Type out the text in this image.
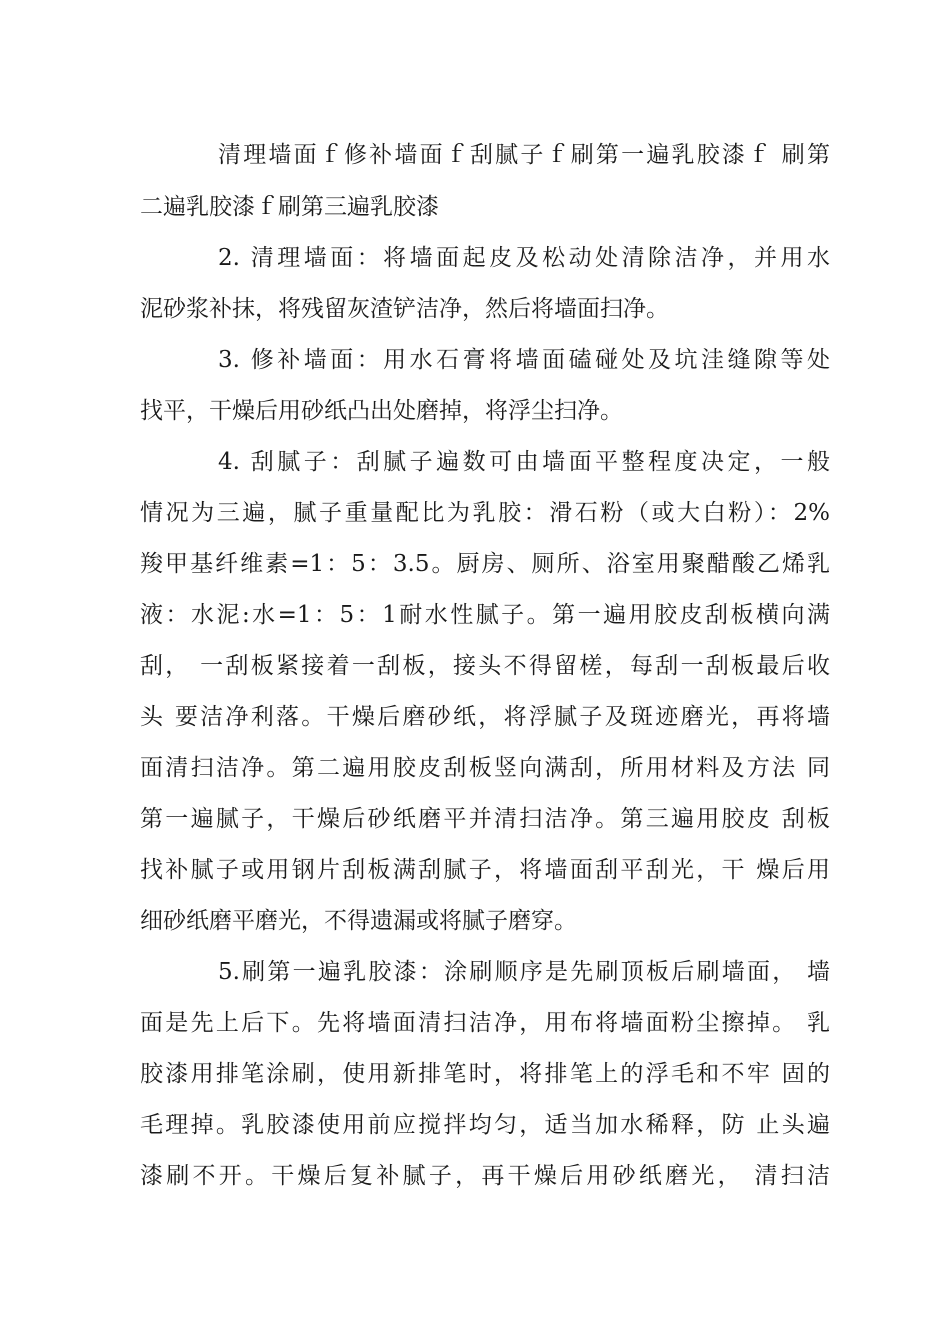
清理墙面ｆ修补墙面ｆ刮腻子ｆ刷第一遍乳胶漆ｆ 刷第

二遍乳胶漆ｆ刷第三遍乳胶漆

2. 清理墙面：将墙面起皮及松动处清除洁净，并用水

泥砂浆补抹，将残留灰渣铲洁净，然后将墙面扫净。

3. 修补墙面：用水石膏将墙面磕碰处及坑洼缝隙等处

找平，干燥后用砂纸凸出处磨掉，将浮尘扫净。

4. 刮腻子：刮腻子遍数可由墙面平整程度决定，一般

情况为三遍，腻子重量配比为乳胶：滑石粉（或大白粉）：2%

羧甲基纤维素=1：5：3.5。厨房、厕所、浴室用聚醋酸乙烯乳

液：水泥:水=1：5：1耐水性腻子。第一遍用胶皮刮板横向满

刮， 一刮板紧接着一刮板，接头不得留槎，每刮一刮板最后收

头 要洁净利落。干燥后磨砂纸，将浮腻子及斑迹磨光，再将墙

面清扫洁净。第二遍用胶皮刮板竖向满刮，所用材料及方法 同

第一遍腻子，干燥后砂纸磨平并清扫洁净。第三遍用胶皮 刮板

找补腻子或用钢片刮板满刮腻子，将墙面刮平刮光，干 燥后用

细砂纸磨平磨光，不得遗漏或将腻子磨穿。

5.刷第一遍乳胶漆：涂刷顺序是先刷顶板后刷墙面， 墙

面是先上后下。先将墙面清扫洁净，用布将墙面粉尘擦掉。 乳

胶漆用排笔涂刷，使用新排笔时，将排笔上的浮毛和不牢 固的

毛理掉。乳胶漆使用前应搅拌均匀，适当加水稀释，防 止头遍

漆刷不开。干燥后复补腻子，再干燥后用砂纸磨光， 清扫洁
